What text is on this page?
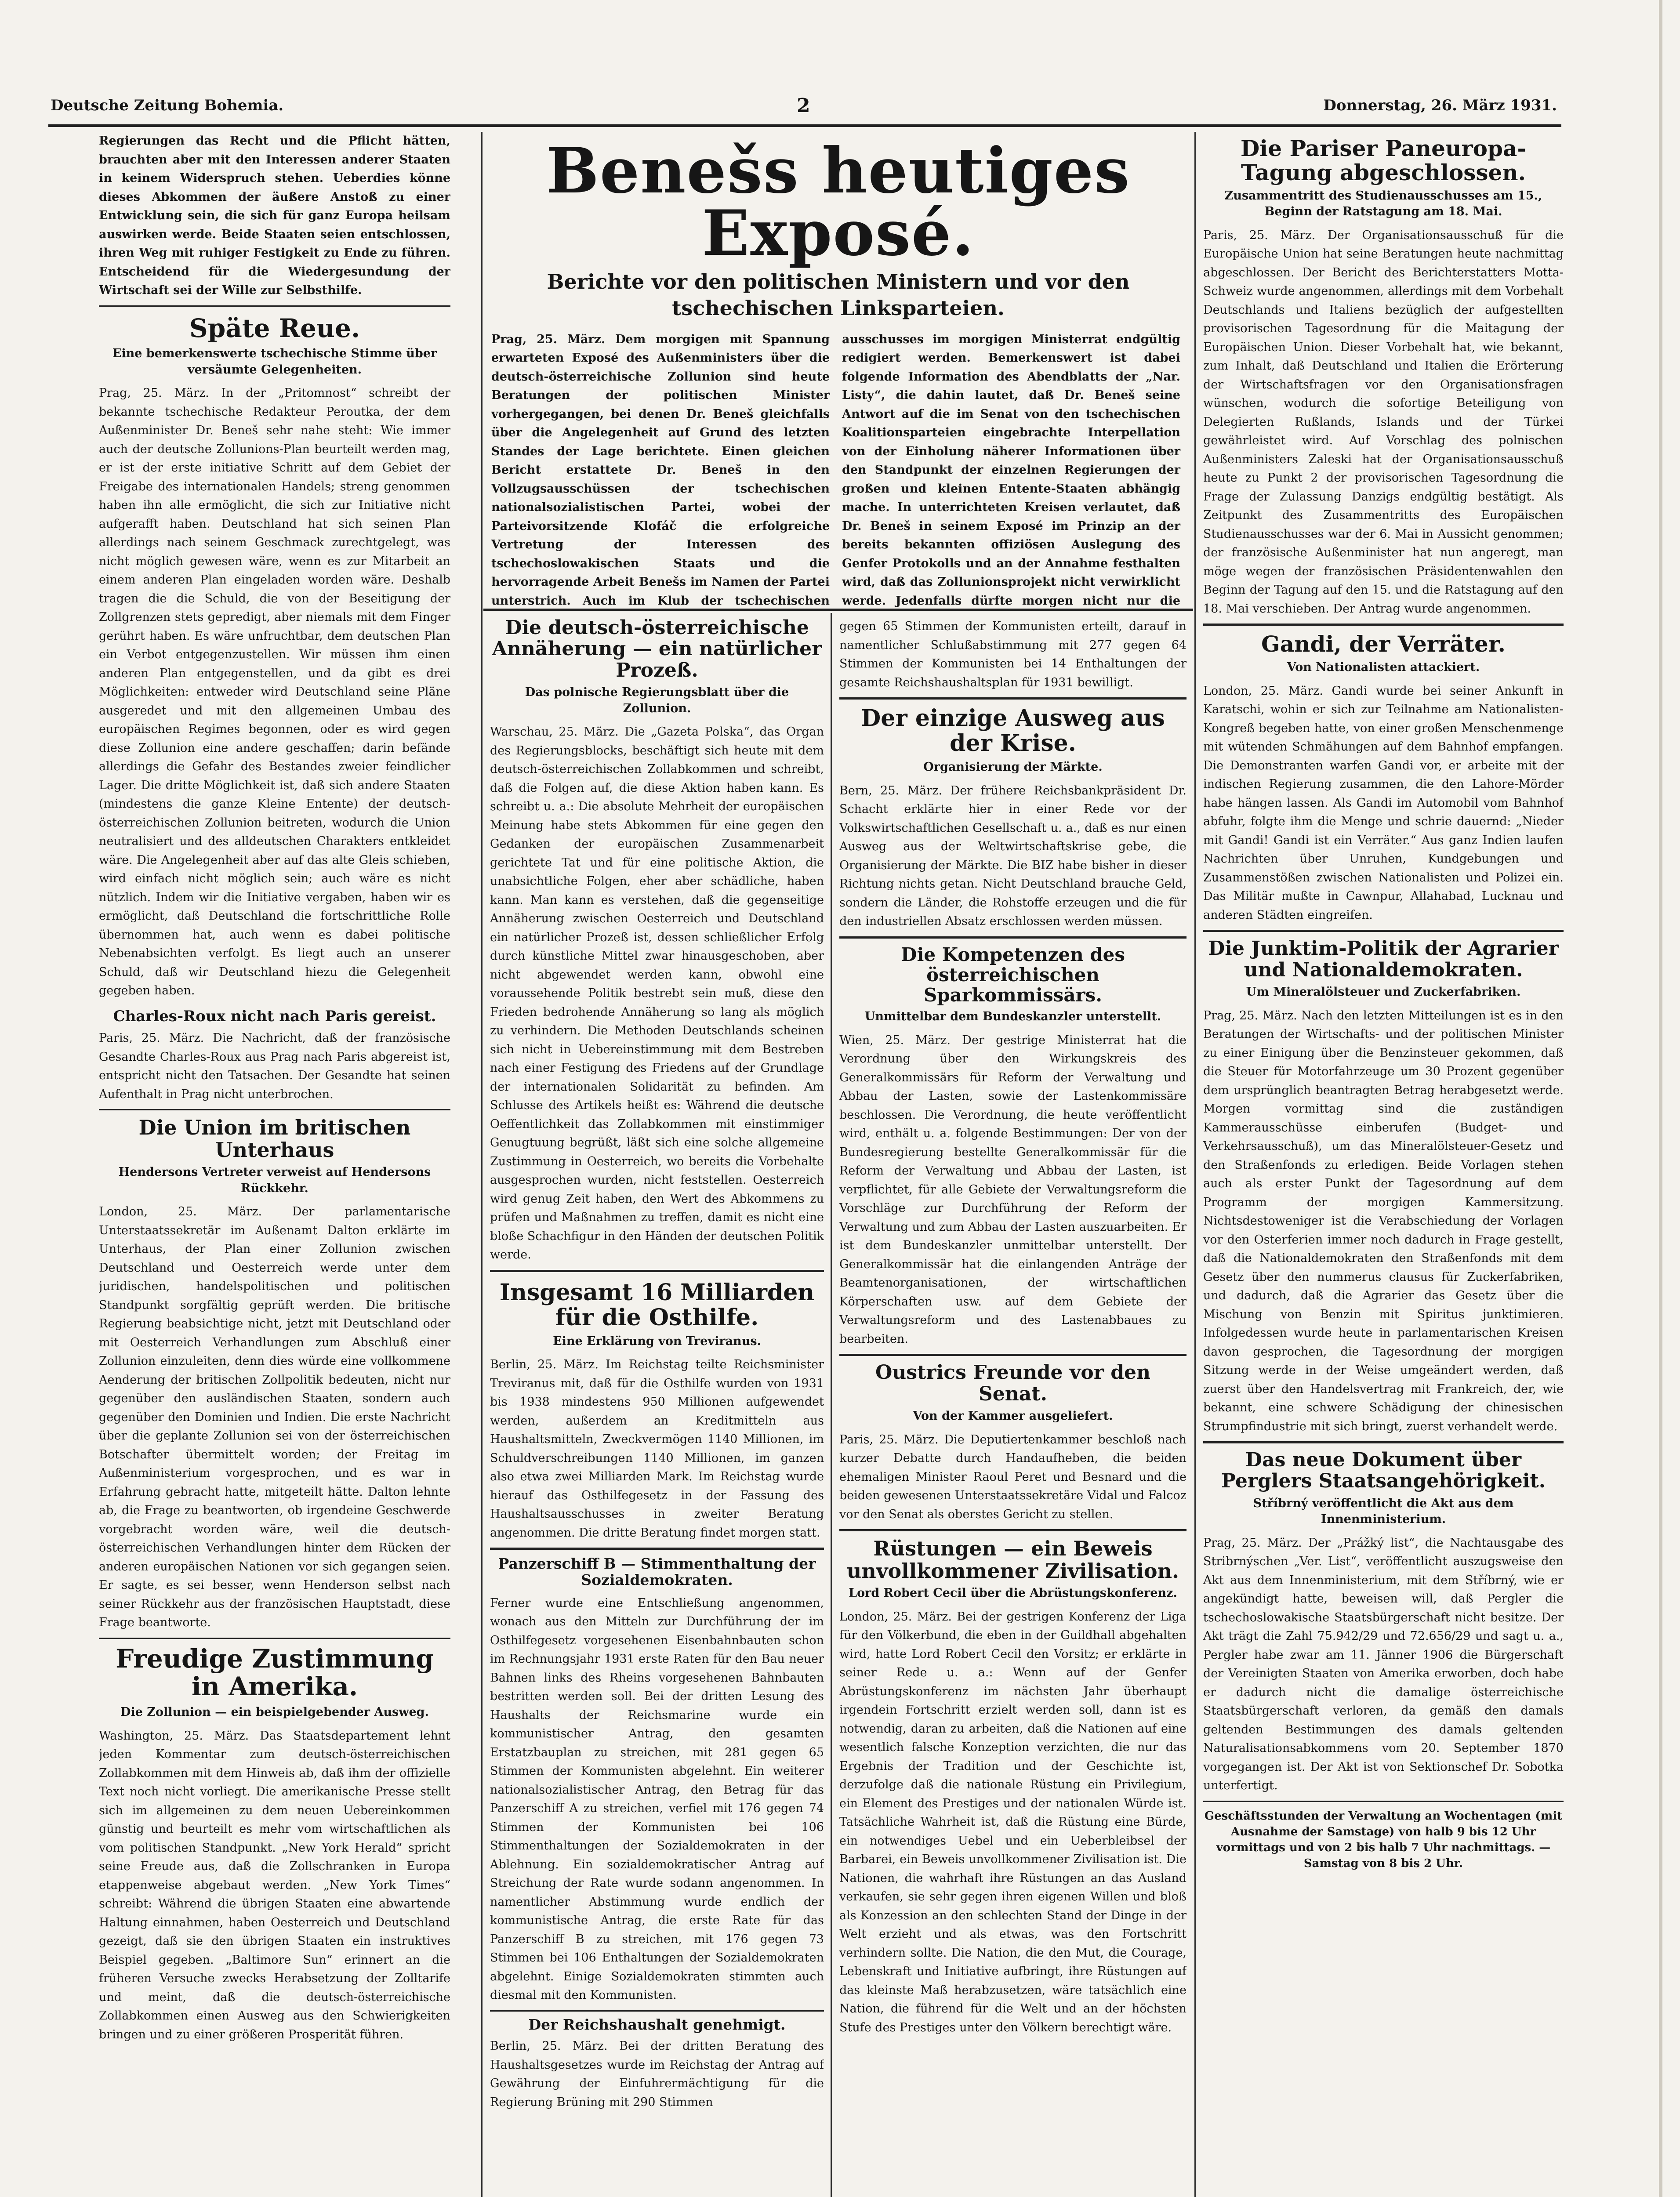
Deutsche Zeitung Bohemia.	2	Donnerstag, 26. März 1931.

Regierungen das Recht und die Pflicht hätten, brauchten aber mit den Interessen anderer Staaten in keinem Widerspruch stehen. Ueberdies könne dieses Abkommen der äußere Anstoß zu einer Entwicklung sein, die sich für ganz Europa heilsam auswirken werde. Beide Staaten seien entschlossen, ihren Weg mit ruhiger Festigkeit zu Ende zu führen. Entscheidend für die Wiedergesundung der Wirtschaft sei der Wille zur Selbsthilfe.

Späte Reue.
Eine bemerkenswerte tschechische Stimme über versäumte Gelegenheiten.

Prag, 25. März. In der „Pritomnost“ schreibt der bekannte tschechische Redakteur Peroutka, der dem Außenminister Dr. Beneš sehr nahe steht: Wie immer auch der deutsche Zollunions-Plan beurteilt werden mag, er ist der erste initiative Schritt auf dem Gebiet der Freigabe des internationalen Handels; streng genommen haben ihn alle ermöglicht, die sich zur Initiative nicht aufgerafft haben. Deutschland hat sich seinen Plan allerdings nach seinem Geschmack zurechtgelegt, was nicht möglich gewesen wäre, wenn es zur Mitarbeit an einem anderen Plan eingeladen worden wäre. Deshalb tragen die die Schuld, die von der Beseitigung der Zollgrenzen stets gepredigt, aber niemals mit dem Finger gerührt haben. Es wäre unfruchtbar, dem deutschen Plan ein Verbot entgegenzustellen. Wir müssen ihm einen anderen Plan entgegenstellen, und da gibt es drei Möglichkeiten: entweder wird Deutschland seine Pläne ausgeredet und mit den allgemeinen Umbau des europäischen Regimes begonnen, oder es wird gegen diese Zollunion eine andere geschaffen; darin befände allerdings die Gefahr des Bestandes zweier feindlicher Lager. Die dritte Möglichkeit ist, daß sich andere Staaten (mindestens die ganze Kleine Entente) der deutsch-österreichischen Zollunion beitreten, wodurch die Union neutralisiert und des alldeutschen Charakters entkleidet wäre. Die Angelegenheit aber auf das alte Gleis schieben, wird einfach nicht möglich sein; auch wäre es nicht nützlich. Indem wir die Initiative vergaben, haben wir es ermöglicht, daß Deutschland die fortschrittliche Rolle übernommen hat, auch wenn es dabei politische Nebenabsichten verfolgt. Es liegt auch an unserer Schuld, daß wir Deutschland hiezu die Gelegenheit gegeben haben.

Charles-Roux nicht nach Paris gereist.

Paris, 25. März. Die Nachricht, daß der französische Gesandte Charles-Roux aus Prag nach Paris abgereist ist, entspricht nicht den Tatsachen. Der Gesandte hat seinen Aufenthalt in Prag nicht unterbrochen.

Die Union im britischen Unterhaus
Hendersons Vertreter verweist auf Hendersons Rückkehr.

London, 25. März. Der parlamentarische Unterstaatssekretär im Außenamt Dalton erklärte im Unterhaus, der Plan einer Zollunion zwischen Deutschland und Oesterreich werde unter dem juridischen, handelspolitischen und politischen Standpunkt sorgfältig geprüft werden. Die britische Regierung beabsichtige nicht, jetzt mit Deutschland oder mit Oesterreich Verhandlungen zum Abschluß einer Zollunion einzuleiten, denn dies würde eine vollkommene Aenderung der britischen Zollpolitik bedeuten, nicht nur gegenüber den ausländischen Staaten, sondern auch gegenüber den Dominien und Indien. Die erste Nachricht über die geplante Zollunion sei von der österreichischen Botschafter übermittelt worden; der Freitag im Außenministerium vorgesprochen, und es war in Erfahrung gebracht hatte, mitgeteilt hätte. Dalton lehnte ab, die Frage zu beantworten, ob irgendeine Geschwerde vorgebracht worden wäre, weil die deutsch-österreichischen Verhandlungen hinter dem Rücken der anderen europäischen Nationen vor sich gegangen seien. Er sagte, es sei besser, wenn Henderson selbst nach seiner Rückkehr aus der französischen Hauptstadt, diese Frage beantworte.

Freudige Zustimmung in Amerika.
Die Zollunion — ein beispielgebender Ausweg.

Washington, 25. März. Das Staatsdepartement lehnt jeden Kommentar zum deutsch-österreichischen Zollabkommen mit dem Hinweis ab, daß ihm der offizielle Text noch nicht vorliegt. Die amerikanische Presse stellt sich im allgemeinen zu dem neuen Uebereinkommen günstig und beurteilt es mehr vom wirtschaftlichen als vom politischen Standpunkt. „New York Herald“ spricht seine Freude aus, daß die Zollschranken in Europa etappenweise abgebaut werden. „New York Times“ schreibt: Während die übrigen Staaten eine abwartende Haltung einnahmen, haben Oesterreich und Deutschland gezeigt, daß sie den übrigen Staaten ein instruktives Beispiel gegeben. „Baltimore Sun“ erinnert an die früheren Versuche zwecks Herabsetzung der Zolltarife und meint, daß die deutsch-österreichische Zollabkommen einen Ausweg aus den Schwierigkeiten bringen und zu einer größeren Prosperität führen.

Benešs heutiges Exposé.
Berichte vor den politischen Ministern und vor den tschechischen Linksparteien.

Prag, 25. März. Dem morgigen mit Spannung erwarteten Exposé des Außenministers über die deutsch-österreichische Zollunion sind heute Beratungen der politischen Minister vorhergegangen, bei denen Dr. Beneš gleichfalls über die Angelegenheit auf Grund des letzten Standes der Lage berichtete. Einen gleichen Bericht erstattete Dr. Beneš in den Vollzugsausschüssen der tschechischen nationalsozialistischen Partei, wobei der Parteivorsitzende Klofáč die erfolgreiche Vertretung der Interessen des tschechoslowakischen Staats und die hervorragende Arbeit Benešs im Namen der Partei unterstrich. Auch im Klub der tschechischen

ausschusses im morgigen Ministerrat endgültig redigiert werden. Bemerkenswert ist dabei folgende Information des Abendblatts der „Nar. Listy“, die dahin lautet, daß Dr. Beneš seine Antwort auf die im Senat von den tschechischen Koalitionsparteien eingebrachte Interpellation von der Einholung näherer Informationen über den Standpunkt der einzelnen Regierungen der großen und kleinen Entente-Staaten abhängig mache. In unterrichteten Kreisen verlautet, daß Dr. Beneš in seinem Exposé im Prinzip an der bereits bekannten offiziösen Auslegung des Genfer Protokolls und an der Annahme festhalten wird, daß das Zollunionsprojekt nicht verwirklicht werde. Jedenfalls dürfte morgen nicht nur die

Die deutsch-österreichische Annäherung — ein natürlicher Prozeß.
Das polnische Regierungsblatt über die Zollunion.

Warschau, 25. März. Die „Gazeta Polska“, das Organ des Regierungsblocks, beschäftigt sich heute mit dem deutsch-österreichischen Zollabkommen und schreibt, daß die Folgen auf, die diese Aktion haben kann. Es schreibt u. a.: Die absolute Mehrheit der europäischen Meinung habe stets Abkommen für eine gegen den Gedanken der europäischen Zusammenarbeit gerichtete Tat und für eine politische Aktion, die unabsichtliche Folgen, eher aber schädliche, haben kann. Man kann es verstehen, daß die gegenseitige Annäherung zwischen Oesterreich und Deutschland ein natürlicher Prozeß ist, dessen schließlicher Erfolg durch künstliche Mittel zwar hinausgeschoben, aber nicht abgewendet werden kann, obwohl eine voraussehende Politik bestrebt sein muß, diese den Frieden bedrohende Annäherung so lang als möglich zu verhindern. Die Methoden Deutschlands scheinen sich nicht in Uebereinstimmung mit dem Bestreben nach einer Festigung des Friedens auf der Grundlage der internationalen Solidarität zu befinden. Am Schlusse des Artikels heißt es: Während die deutsche Oeffentlichkeit das Zollabkommen mit einstimmiger Genugtuung begrüßt, läßt sich eine solche allgemeine Zustimmung in Oesterreich, wo bereits die Vorbehalte ausgesprochen wurden, nicht feststellen. Oesterreich wird genug Zeit haben, den Wert des Abkommens zu prüfen und Maßnahmen zu treffen, damit es nicht eine bloße Schachfigur in den Händen der deutschen Politik werde.

Insgesamt 16 Milliarden für die Osthilfe.
Eine Erklärung von Treviranus.

Berlin, 25. März. Im Reichstag teilte Reichsminister Treviranus mit, daß für die Osthilfe wurden von 1931 bis 1938 mindestens 950 Millionen aufgewendet werden, außerdem an Kreditmitteln aus Haushaltsmitteln, Zweckvermögen 1140 Millionen, im Schuldverschreibungen 1140 Millionen, im ganzen also etwa zwei Milliarden Mark. Im Reichstag wurde hierauf das Osthilfegesetz in der Fassung des Haushaltsausschusses in zweiter Beratung angenommen. Die dritte Beratung findet morgen statt.

Panzerschiff B — Stimmenthaltung der Sozialdemokraten.

Ferner wurde eine Entschließung angenommen, wonach aus den Mitteln zur Durchführung der im Osthilfegesetz vorgesehenen Eisenbahnbauten schon im Rechnungsjahr 1931 erste Raten für den Bau neuer Bahnen links des Rheins vorgesehenen Bahnbauten bestritten werden soll. Bei der dritten Lesung des Haushalts der Reichsmarine wurde ein kommunistischer Antrag, den gesamten Erstatzbauplan zu streichen, mit 281 gegen 65 Stimmen der Kommunisten abgelehnt. Ein weiterer nationalsozialistischer Antrag, den Betrag für das Panzerschiff A zu streichen, verfiel mit 176 gegen 74 Stimmen der Kommunisten bei 106 Stimmenthaltungen der Sozialdemokraten in der Ablehnung. Ein sozialdemokratischer Antrag auf Streichung der Rate wurde sodann angenommen. In namentlicher Abstimmung wurde endlich der kommunistische Antrag, die erste Rate für das Panzerschiff B zu streichen, mit 176 gegen 73 Stimmen bei 106 Enthaltungen der Sozialdemokraten abgelehnt. Einige Sozialdemokraten stimmten auch diesmal mit den Kommunisten.

Der Reichshaushalt genehmigt.

Berlin, 25. März. Bei der dritten Beratung des Haushaltsgesetzes wurde im Reichstag der Antrag auf Gewährung der Einfuhrermächtigung für die Regierung Brüning mit 290 Stimmen

gegen 65 Stimmen der Kommunisten erteilt, darauf in namentlicher Schlußabstimmung mit 277 gegen 64 Stimmen der Kommunisten bei 14 Enthaltungen der gesamte Reichshaushaltsplan für 1931 bewilligt.

Der einzige Ausweg aus der Krise.
Organisierung der Märkte.

Bern, 25. März. Der frühere Reichsbankpräsident Dr. Schacht erklärte hier in einer Rede vor der Volkswirtschaftlichen Gesellschaft u. a., daß es nur einen Ausweg aus der Weltwirtschaftskrise gebe, die Organisierung der Märkte. Die BIZ habe bisher in dieser Richtung nichts getan. Nicht Deutschland brauche Geld, sondern die Länder, die Rohstoffe erzeugen und die für den industriellen Absatz erschlossen werden müssen.

Die Kompetenzen des österreichischen Sparkommissärs.
Unmittelbar dem Bundeskanzler unterstellt.

Wien, 25. März. Der gestrige Ministerrat hat die Verordnung über den Wirkungskreis des Generalkommissärs für Reform der Verwaltung und Abbau der Lasten, sowie der Lastenkommissäre beschlossen. Die Verordnung, die heute veröffentlicht wird, enthält u. a. folgende Bestimmungen: Der von der Bundesregierung bestellte Generalkommissär für die Reform der Verwaltung und Abbau der Lasten, ist verpflichtet, für alle Gebiete der Verwaltungsreform die Vorschläge zur Durchführung der Reform der Verwaltung und zum Abbau der Lasten auszuarbeiten. Er ist dem Bundeskanzler unmittelbar unterstellt. Der Generalkommissär hat die einlangenden Anträge der Beamtenorganisationen, der wirtschaftlichen Körperschaften usw. auf dem Gebiete der Verwaltungsreform und des Lastenabbaues zu bearbeiten.

Oustrics Freunde vor den Senat.
Von der Kammer ausgeliefert.

Paris, 25. März. Die Deputiertenkammer beschloß nach kurzer Debatte durch Handaufheben, die beiden ehemaligen Minister Raoul Peret und Besnard und die beiden gewesenen Unterstaatssekretäre Vidal und Falcoz vor den Senat als oberstes Gericht zu stellen.

Rüstungen — ein Beweis unvollkommener Zivilisation.
Lord Robert Cecil über die Abrüstungskonferenz.

London, 25. März. Bei der gestrigen Konferenz der Liga für den Völkerbund, die eben in der Guildhall abgehalten wird, hatte Lord Robert Cecil den Vorsitz; er erklärte in seiner Rede u. a.: Wenn auf der Genfer Abrüstungskonferenz im nächsten Jahr überhaupt irgendein Fortschritt erzielt werden soll, dann ist es notwendig, daran zu arbeiten, daß die Nationen auf eine wesentlich falsche Konzeption verzichten, die nur das Ergebnis der Tradition und der Geschichte ist, derzufolge daß die nationale Rüstung ein Privilegium, ein Element des Prestiges und der nationalen Würde ist. Tatsächliche Wahrheit ist, daß die Rüstung eine Bürde, ein notwendiges Uebel und ein Ueberbleibsel der Barbarei, ein Beweis unvollkommener Zivilisation ist. Die Nationen, die wahrhaft ihre Rüstungen an das Ausland verkaufen, sie sehr gegen ihren eigenen Willen und bloß als Konzession an den schlechten Stand der Dinge in der Welt erzieht und als etwas, was den Fortschritt verhindern sollte. Die Nation, die den Mut, die Courage, Lebenskraft und Initiative aufbringt, ihre Rüstungen auf das kleinste Maß herabzusetzen, wäre tatsächlich eine Nation, die führend für die Welt und an der höchsten Stufe des Prestiges unter den Völkern berechtigt wäre.

Die Pariser Paneuropa-Tagung abgeschlossen.
Zusammentritt des Studienausschusses am 15., Beginn der Ratstagung am 18. Mai.

Paris, 25. März. Der Organisationsausschuß für die Europäische Union hat seine Beratungen heute nachmittag abgeschlossen. Der Bericht des Berichterstatters Motta-Schweiz wurde angenommen, allerdings mit dem Vorbehalt Deutschlands und Italiens bezüglich der aufgestellten provisorischen Tagesordnung für die Maitagung der Europäischen Union. Dieser Vorbehalt hat, wie bekannt, zum Inhalt, daß Deutschland und Italien die Erörterung der Wirtschaftsfragen vor den Organisationsfragen wünschen, wodurch die sofortige Beteiligung von Delegierten Rußlands, Islands und der Türkei gewährleistet wird. Auf Vorschlag des polnischen Außenministers Zaleski hat der Organisationsausschuß heute zu Punkt 2 der provisorischen Tagesordnung die Frage der Zulassung Danzigs endgültig bestätigt. Als Zeitpunkt des Zusammentritts des Europäischen Studienausschusses war der 6. Mai in Aussicht genommen; der französische Außenminister hat nun angeregt, man möge wegen der französischen Präsidentenwahlen den Beginn der Tagung auf den 15. und die Ratstagung auf den 18. Mai verschieben. Der Antrag wurde angenommen.

Gandi, der Verräter.
Von Nationalisten attackiert.

London, 25. März. Gandi wurde bei seiner Ankunft in Karatschi, wohin er sich zur Teilnahme am Nationalisten-Kongreß begeben hatte, von einer großen Menschenmenge mit wütenden Schmähungen auf dem Bahnhof empfangen. Die Demonstranten warfen Gandi vor, er arbeite mit der indischen Regierung zusammen, die den Lahore-Mörder habe hängen lassen. Als Gandi im Automobil vom Bahnhof abfuhr, folgte ihm die Menge und schrie dauernd: „Nieder mit Gandi! Gandi ist ein Verräter.“ Aus ganz Indien laufen Nachrichten über Unruhen, Kundgebungen und Zusammenstößen zwischen Nationalisten und Polizei ein. Das Militär mußte in Cawnpur, Allahabad, Lucknau und anderen Städten eingreifen.

Die Junktim-Politik der Agrarier und Nationaldemokraten.
Um Mineralölsteuer und Zuckerfabriken.

Prag, 25. März. Nach den letzten Mitteilungen ist es in den Beratungen der Wirtschafts- und der politischen Minister zu einer Einigung über die Benzinsteuer gekommen, daß die Steuer für Motorfahrzeuge um 30 Prozent gegenüber dem ursprünglich beantragten Betrag herabgesetzt werde. Morgen vormittag sind die zuständigen Kammerausschüsse einberufen (Budget- und Verkehrsausschuß), um das Mineralölsteuer-Gesetz und den Straßenfonds zu erledigen. Beide Vorlagen stehen auch als erster Punkt der Tagesordnung auf dem Programm der morgigen Kammersitzung. Nichtsdestoweniger ist die Verabschiedung der Vorlagen vor den Osterferien immer noch dadurch in Frage gestellt, daß die Nationaldemokraten den Straßenfonds mit dem Gesetz über den nummerus clausus für Zuckerfabriken, und dadurch, daß die Agrarier das Gesetz über die Mischung von Benzin mit Spiritus junktimieren. Infolgedessen wurde heute in parlamentarischen Kreisen davon gesprochen, die Tagesordnung der morgigen Sitzung werde in der Weise umgeändert werden, daß zuerst über den Handelsvertrag mit Frankreich, der, wie bekannt, eine schwere Schädigung der chinesischen Strumpfindustrie mit sich bringt, zuerst verhandelt werde.

Das neue Dokument über Perglers Staatsangehörigkeit.
Stříbrný veröffentlicht die Akt aus dem Innenministerium.

Prag, 25. März. Der „Prážký list“, die Nachtausgabe des Stribrnýschen „Ver. List“, veröffentlicht auszugsweise den Akt aus dem Innenministerium, mit dem Stříbrný, wie er angekündigt hatte, beweisen will, daß Pergler die tschechoslowakische Staatsbürgerschaft nicht besitze. Der Akt trägt die Zahl 75.942/29 und 72.656/29 und sagt u. a., Pergler habe zwar am 11. Jänner 1906 die Bürgerschaft der Vereinigten Staaten von Amerika erworben, doch habe er dadurch nicht die damalige österreichische Staatsbürgerschaft verloren, da gemäß den damals geltenden Bestimmungen des damals geltenden Naturalisationsabkommens vom 20. September 1870 vorgegangen ist. Der Akt ist von Sektionschef Dr. Sobotka unterfertigt.

Geschäftsstunden der Verwaltung an Wochentagen (mit Ausnahme der Samstage) von halb 9 bis 12 Uhr vormittags und von 2 bis halb 7 Uhr nachmittags. — Samstag von 8 bis 2 Uhr.
